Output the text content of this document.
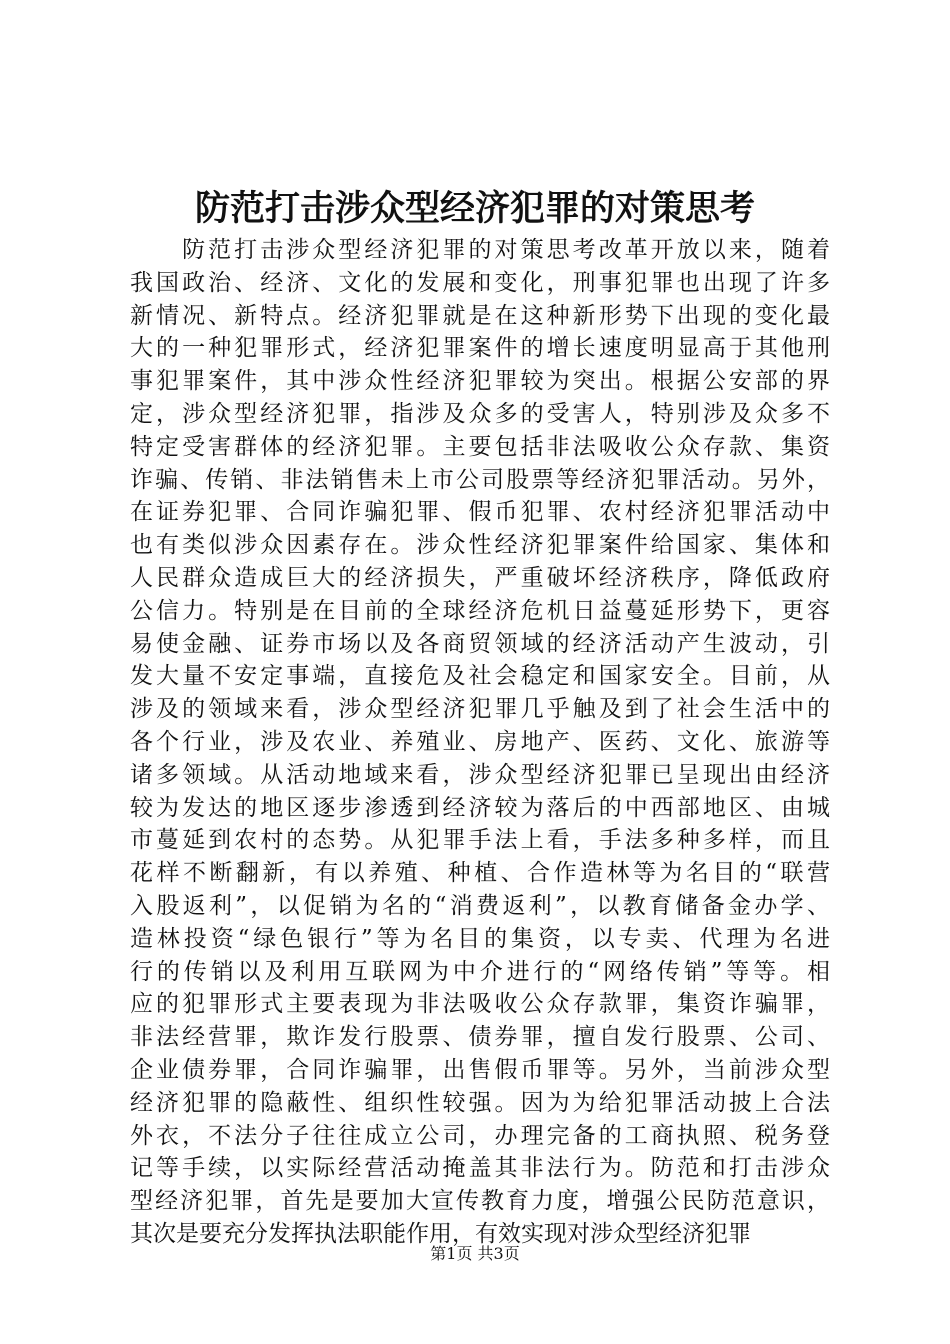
防范打击涉众型经济犯罪的对策思考
　　防范打击涉众型经济犯罪的对策思考改革开放以来，随着
我国政治、经济、文化的发展和变化，刑事犯罪也出现了许多
新情况、新特点。经济犯罪就是在这种新形势下出现的变化最
大的一种犯罪形式，经济犯罪案件的增长速度明显高于其他刑
事犯罪案件，其中涉众性经济犯罪较为突出。根据公安部的界
定，涉众型经济犯罪，指涉及众多的受害人，特别涉及众多不
特定受害群体的经济犯罪。主要包括非法吸收公众存款、集资
诈骗、传销、非法销售未上市公司股票等经济犯罪活动。另外，
在证券犯罪、合同诈骗犯罪、假币犯罪、农村经济犯罪活动中
也有类似涉众因素存在。涉众性经济犯罪案件给国家、集体和
人民群众造成巨大的经济损失，严重破坏经济秩序，降低政府
公信力。特别是在目前的全球经济危机日益蔓延形势下，更容
易使金融、证券市场以及各商贸领域的经济活动产生波动，引
发大量不安定事端，直接危及社会稳定和国家安全。目前，从
涉及的领域来看，涉众型经济犯罪几乎触及到了社会生活中的
各个行业，涉及农业、养殖业、房地产、医药、文化、旅游等
诸多领域。从活动地域来看，涉众型经济犯罪已呈现出由经济
较为发达的地区逐步渗透到经济较为落后的中西部地区、由城
市蔓延到农村的态势。从犯罪手法上看，手法多种多样，而且
花样不断翻新，有以养殖、种植、合作造林等为名目的“联营
入股返利”，以促销为名的“消费返利”，以教育储备金办学、
造林投资“绿色银行”等为名目的集资，以专卖、代理为名进
行的传销以及利用互联网为中介进行的“网络传销”等等。相
应的犯罪形式主要表现为非法吸收公众存款罪，集资诈骗罪，
非法经营罪，欺诈发行股票、债券罪，擅自发行股票、公司、
企业债券罪，合同诈骗罪，出售假币罪等。另外，当前涉众型
经济犯罪的隐蔽性、组织性较强。因为为给犯罪活动披上合法
外衣，不法分子往往成立公司，办理完备的工商执照、税务登
记等手续，以实际经营活动掩盖其非法行为。防范和打击涉众
型经济犯罪，首先是要加大宣传教育力度，增强公民防范意识，
其次是要充分发挥执法职能作用，有效实现对涉众型经济犯罪
第1页 共3页
